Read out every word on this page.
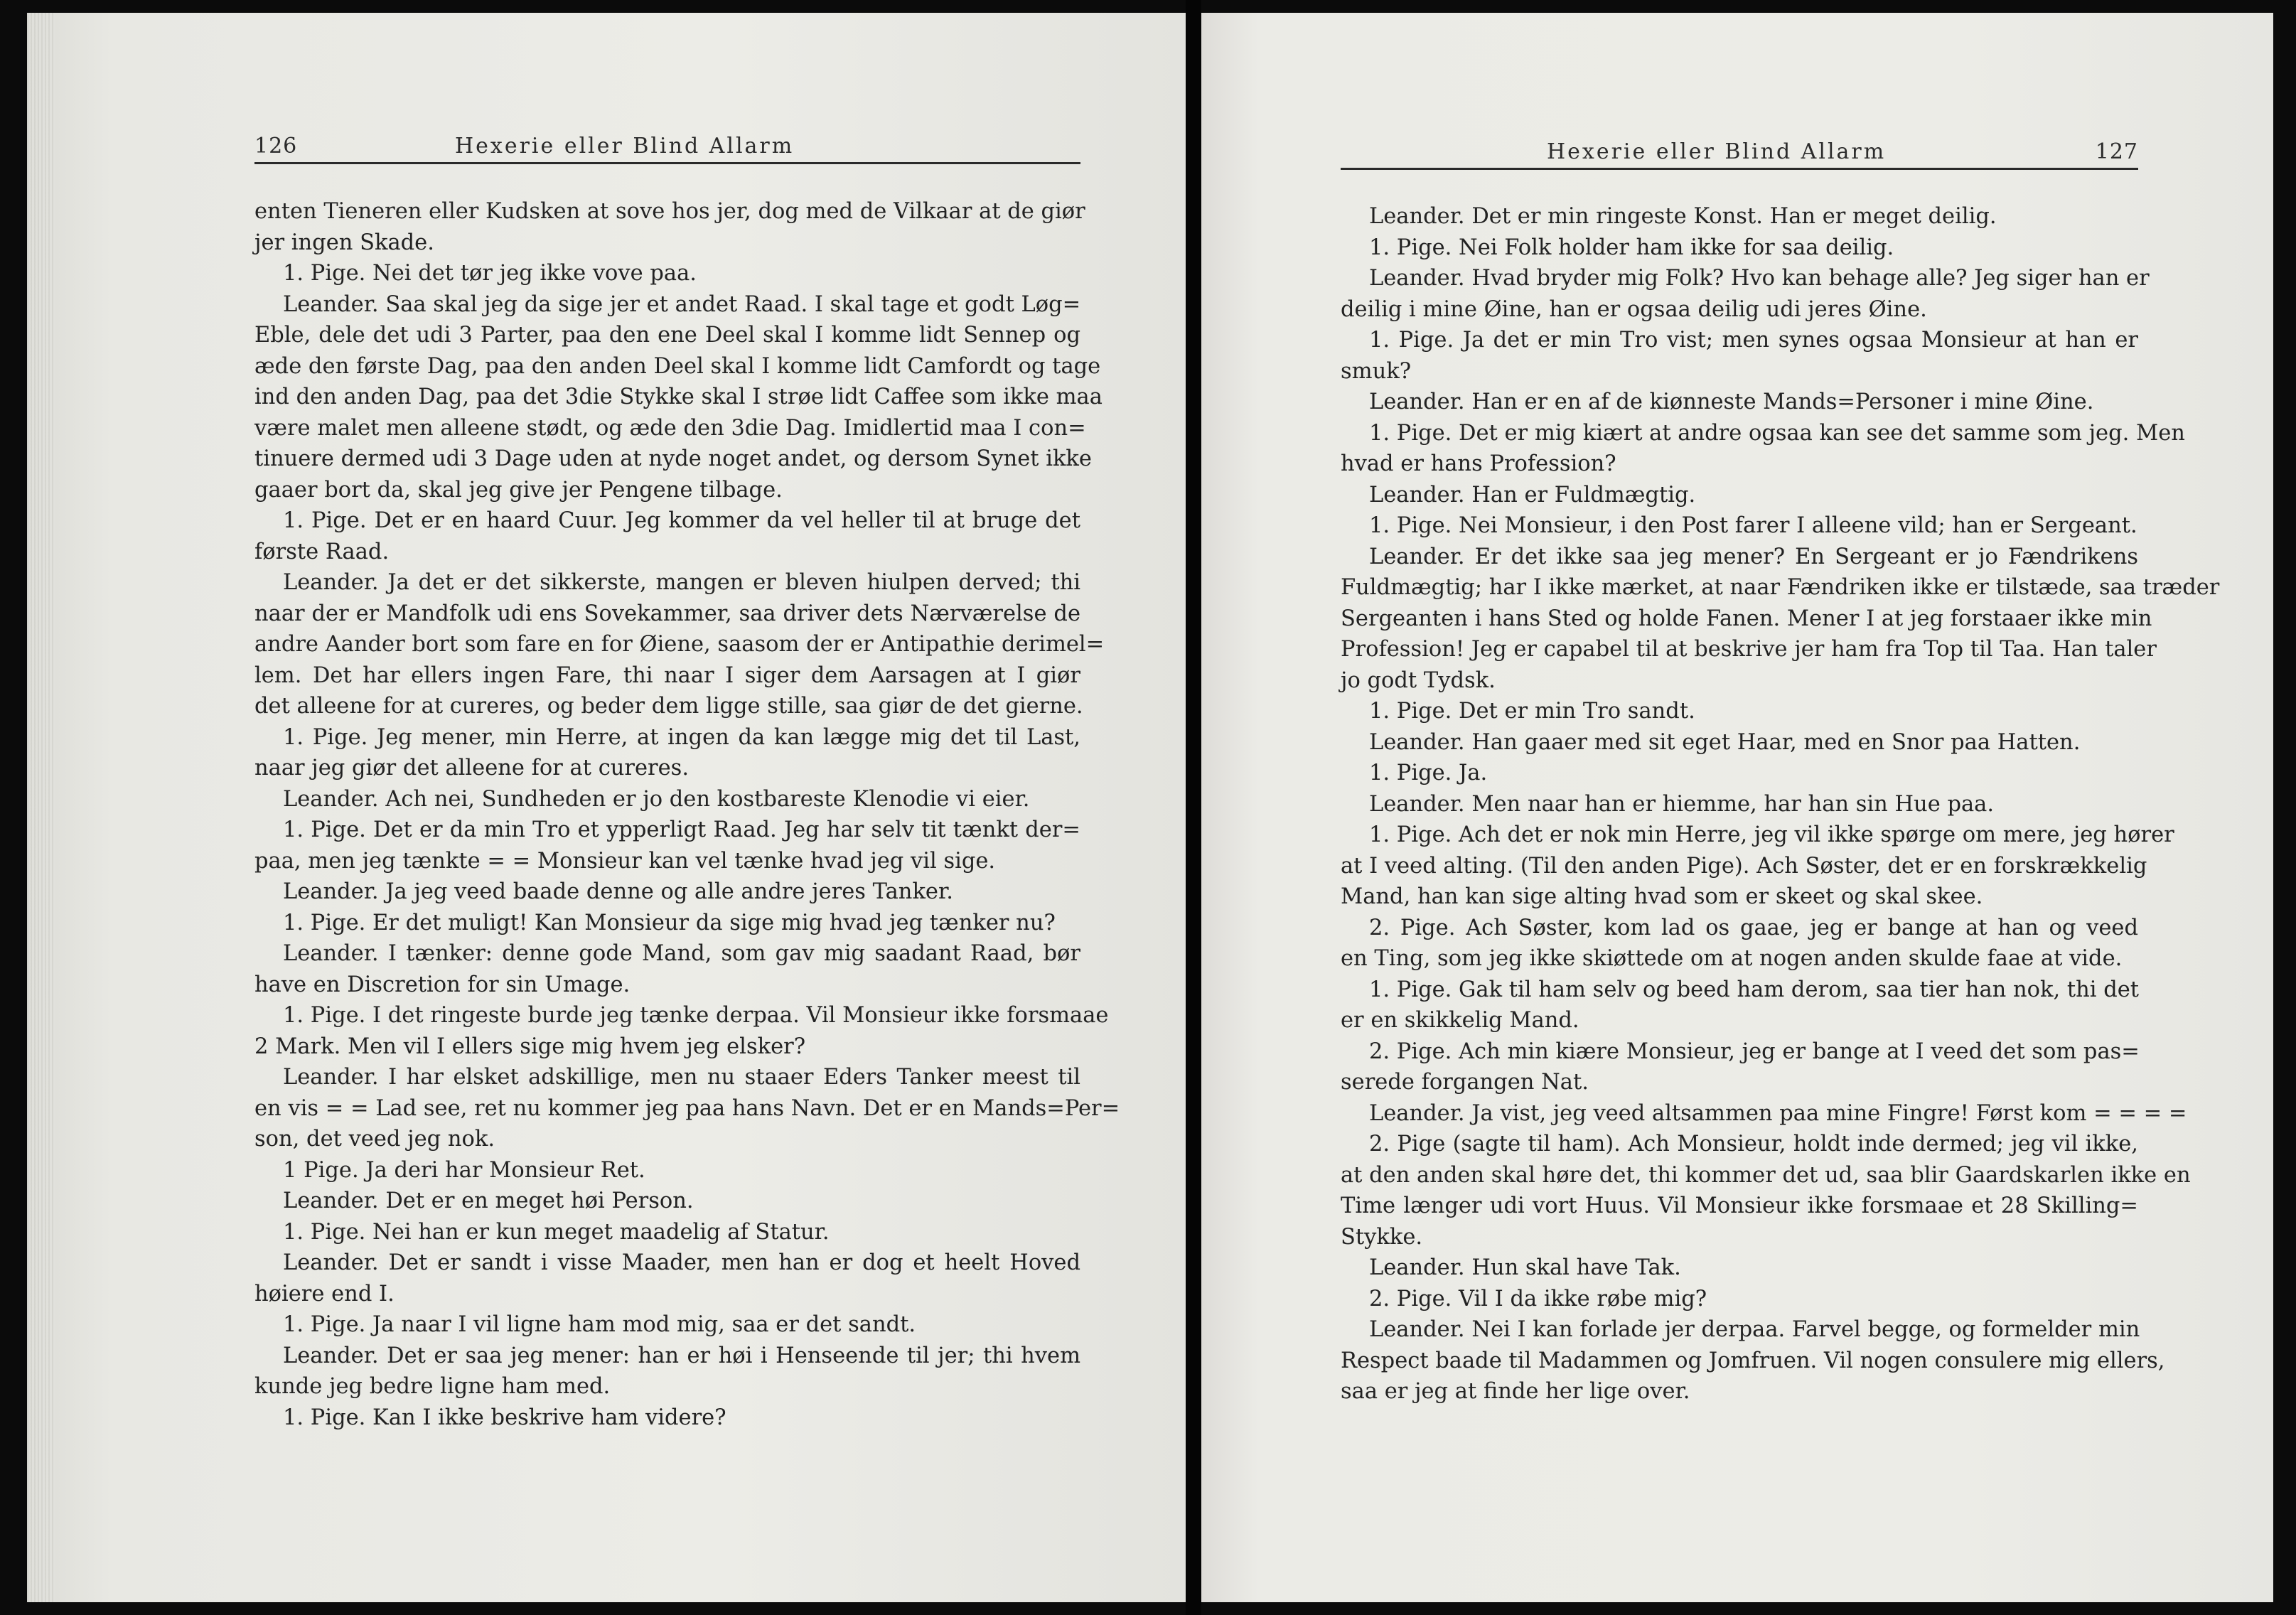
126	Hexerie eller Blind Allarm
enten Tieneren eller Kudsken at sove hos jer, dog med de Vilkaar at de giør
jer ingen Skade.
1. Pige. Nei det tør jeg ikke vove paa.
Leander. Saa skal jeg da sige jer et andet Raad. I skal tage et godt Løg=
Eble, dele det udi 3 Parter, paa den ene Deel skal I komme lidt Sennep og
æde den første Dag, paa den anden Deel skal I komme lidt Camfordt og tage
ind den anden Dag, paa det 3die Stykke skal I strøe lidt Caffee som ikke maa
være malet men alleene stødt, og æde den 3die Dag. Imidlertid maa I con=
tinuere dermed udi 3 Dage uden at nyde noget andet, og dersom Synet ikke
gaaer bort da, skal jeg give jer Pengene tilbage.
1. Pige. Det er en haard Cuur. Jeg kommer da vel heller til at bruge det
første Raad.
Leander. Ja det er det sikkerste, mangen er bleven hiulpen derved; thi
naar der er Mandfolk udi ens Sovekammer, saa driver dets Nærværelse de
andre Aander bort som fare en for Øiene, saasom der er Antipathie derimel=
lem. Det har ellers ingen Fare, thi naar I siger dem Aarsagen at I giør
det alleene for at cureres, og beder dem ligge stille, saa giør de det gierne.
1. Pige. Jeg mener, min Herre, at ingen da kan lægge mig det til Last,
naar jeg giør det alleene for at cureres.
Leander. Ach nei, Sundheden er jo den kostbareste Klenodie vi eier.
1. Pige. Det er da min Tro et ypperligt Raad. Jeg har selv tit tænkt der=
paa, men jeg tænkte = = Monsieur kan vel tænke hvad jeg vil sige.
Leander. Ja jeg veed baade denne og alle andre jeres Tanker.
1. Pige. Er det muligt! Kan Monsieur da sige mig hvad jeg tænker nu?
Leander. I tænker: denne gode Mand, som gav mig saadant Raad, bør
have en Discretion for sin Umage.
1. Pige. I det ringeste burde jeg tænke derpaa. Vil Monsieur ikke forsmaae
2 Mark. Men vil I ellers sige mig hvem jeg elsker?
Leander. I har elsket adskillige, men nu staaer Eders Tanker meest til
en vis = = Lad see, ret nu kommer jeg paa hans Navn. Det er en Mands=Per=
son, det veed jeg nok.
1 Pige. Ja deri har Monsieur Ret.
Leander. Det er en meget høi Person.
1. Pige. Nei han er kun meget maadelig af Statur.
Leander. Det er sandt i visse Maader, men han er dog et heelt Hoved
høiere end I.
1. Pige. Ja naar I vil ligne ham mod mig, saa er det sandt.
Leander. Det er saa jeg mener: han er høi i Henseende til jer; thi hvem
kunde jeg bedre ligne ham med.
1. Pige. Kan I ikke beskrive ham videre?
Hexerie eller Blind Allarm	127
Leander. Det er min ringeste Konst. Han er meget deilig.
1. Pige. Nei Folk holder ham ikke for saa deilig.
Leander. Hvad bryder mig Folk? Hvo kan behage alle? Jeg siger han er
deilig i mine Øine, han er ogsaa deilig udi jeres Øine.
1. Pige. Ja det er min Tro vist; men synes ogsaa Monsieur at han er
smuk?
Leander. Han er en af de kiønneste Mands=Personer i mine Øine.
1. Pige. Det er mig kiært at andre ogsaa kan see det samme som jeg. Men
hvad er hans Profession?
Leander. Han er Fuldmægtig.
1. Pige. Nei Monsieur, i den Post farer I alleene vild; han er Sergeant.
Leander. Er det ikke saa jeg mener? En Sergeant er jo Fændrikens
Fuldmægtig; har I ikke mærket, at naar Fændriken ikke er tilstæde, saa træder
Sergeanten i hans Sted og holde Fanen. Mener I at jeg forstaaer ikke min
Profession! Jeg er capabel til at beskrive jer ham fra Top til Taa. Han taler
jo godt Tydsk.
1. Pige. Det er min Tro sandt.
Leander. Han gaaer med sit eget Haar, med en Snor paa Hatten.
1. Pige. Ja.
Leander. Men naar han er hiemme, har han sin Hue paa.
1. Pige. Ach det er nok min Herre, jeg vil ikke spørge om mere, jeg hører
at I veed alting. (Til den anden Pige). Ach Søster, det er en forskrækkelig
Mand, han kan sige alting hvad som er skeet og skal skee.
2. Pige. Ach Søster, kom lad os gaae, jeg er bange at han og veed
en Ting, som jeg ikke skiøttede om at nogen anden skulde faae at vide.
1. Pige. Gak til ham selv og beed ham derom, saa tier han nok, thi det
er en skikkelig Mand.
2. Pige. Ach min kiære Monsieur, jeg er bange at I veed det som pas=
serede forgangen Nat.
Leander. Ja vist, jeg veed altsammen paa mine Fingre! Først kom = = = =
2. Pige (sagte til ham). Ach Monsieur, holdt inde dermed; jeg vil ikke,
at den anden skal høre det, thi kommer det ud, saa blir Gaardskarlen ikke en
Time længer udi vort Huus. Vil Monsieur ikke forsmaae et 28 Skilling=
Stykke.
Leander. Hun skal have Tak.
2. Pige. Vil I da ikke røbe mig?
Leander. Nei I kan forlade jer derpaa. Farvel begge, og formelder min
Respect baade til Madammen og Jomfruen. Vil nogen consulere mig ellers,
saa er jeg at finde her lige over.
